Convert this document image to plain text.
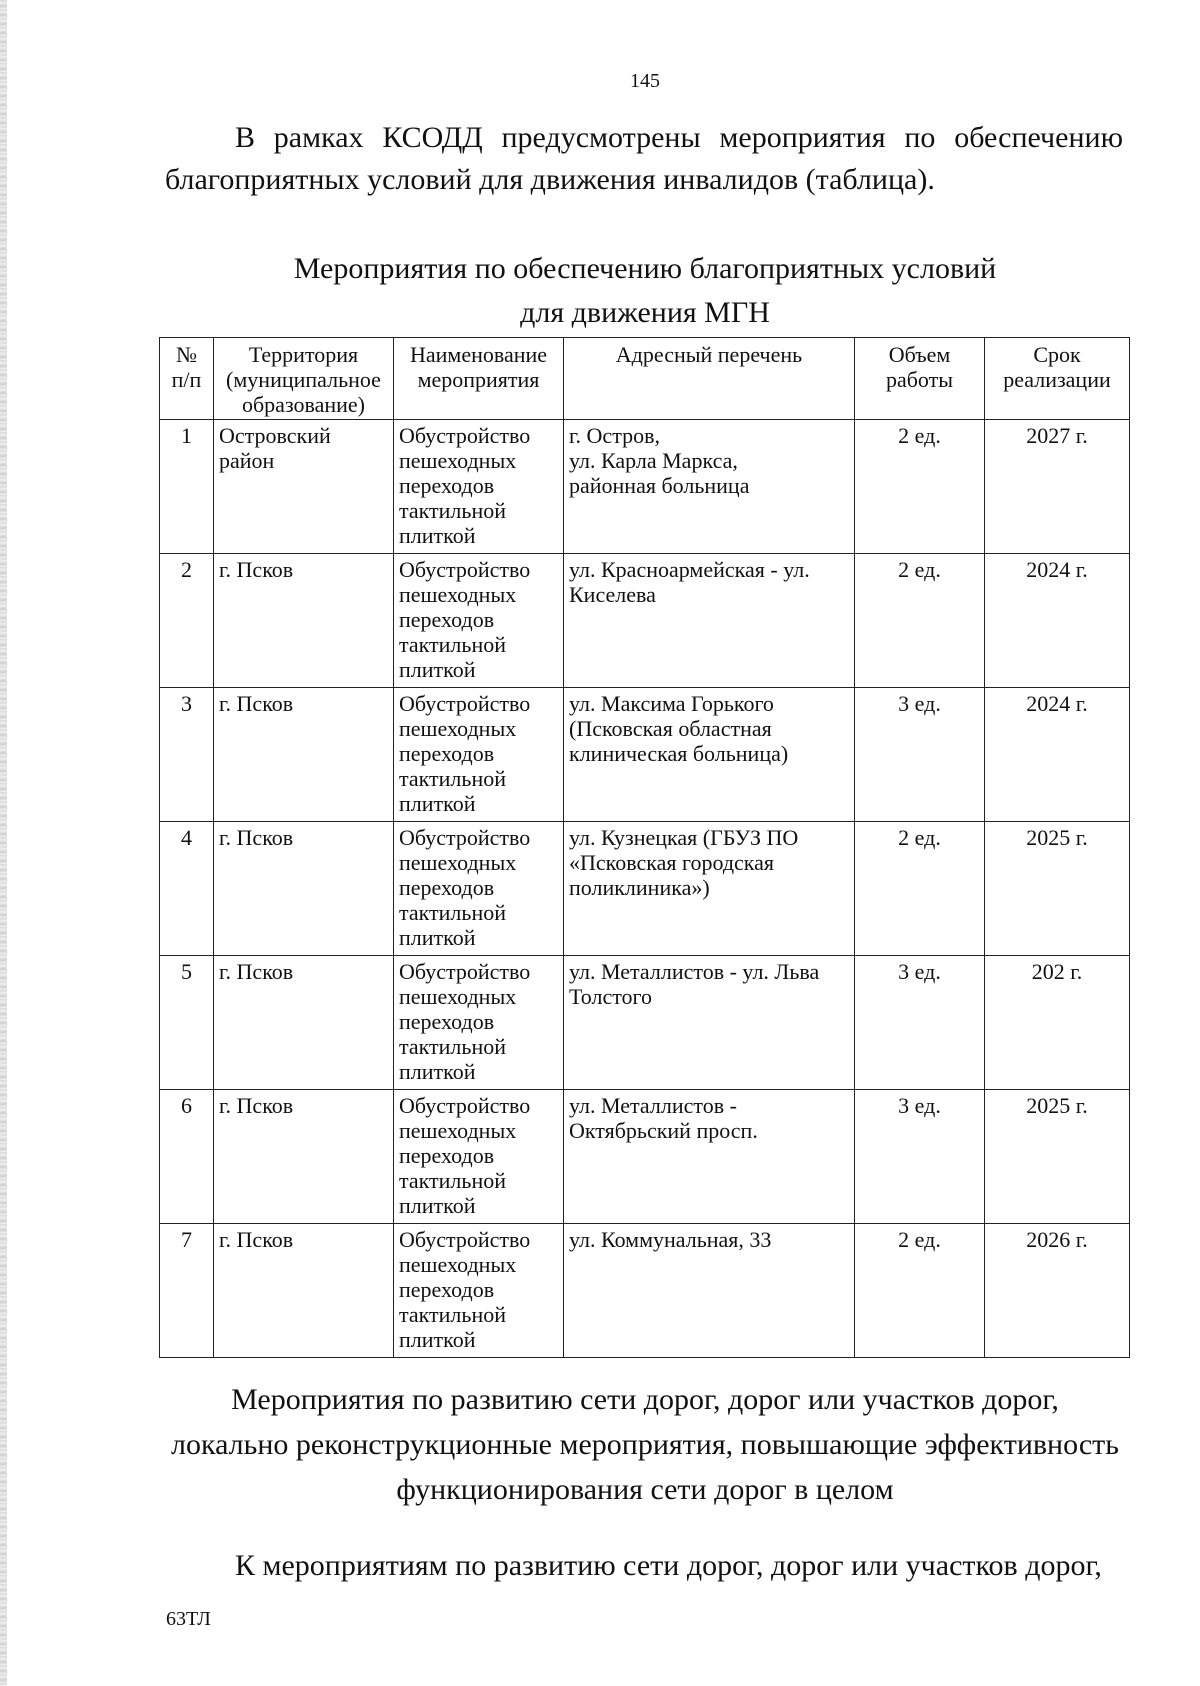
145
В рамках КСОДД предусмотрены мероприятия по обеспечению
благоприятных условий для движения инвалидов (таблица).
Мероприятия по обеспечению благоприятных условий
для движения МГН
№
п/п	Территория
(муниципальное
образование)	Наименование
мероприятия	Адресный перечень	Объем
работы	Срок
реализации

1	Островский
район	Обустройство
пешеходных
переходов
тактильной
плиткой	г. Остров,
ул. Карла Маркса,
районная больница	2 ед.	2027 г.
2	г. Псков	Обустройство
пешеходных
переходов
тактильной
плиткой	ул. Красноармейская - ул.
Киселева	2 ед.	2024 г.
3	г. Псков	Обустройство
пешеходных
переходов
тактильной
плиткой	ул. Максима Горького
(Псковская областная
клиническая больница)	3 ед.	2024 г.
4	г. Псков	Обустройство
пешеходных
переходов
тактильной
плиткой	ул. Кузнецкая (ГБУЗ ПО
«Псковская городская
поликлиника»)	2 ед.	2025 г.
5	г. Псков	Обустройство
пешеходных
переходов
тактильной
плиткой	ул. Металлистов - ул. Льва
Толстого	3 ед.	202 г.
6	г. Псков	Обустройство
пешеходных
переходов
тактильной
плиткой	ул. Металлистов -
Октябрьский просп.	3 ед.	2025 г.
7	г. Псков	Обустройство
пешеходных
переходов
тактильной
плиткой	ул. Коммунальная, 33	2 ед.	2026 г.
Мероприятия по развитию сети дорог, дорог или участков дорог,
локально реконструкционные мероприятия, повышающие эффективность
функционирования сети дорог в целом
К мероприятиям по развитию сети дорог, дорог или участков дорог,
63ТЛ
